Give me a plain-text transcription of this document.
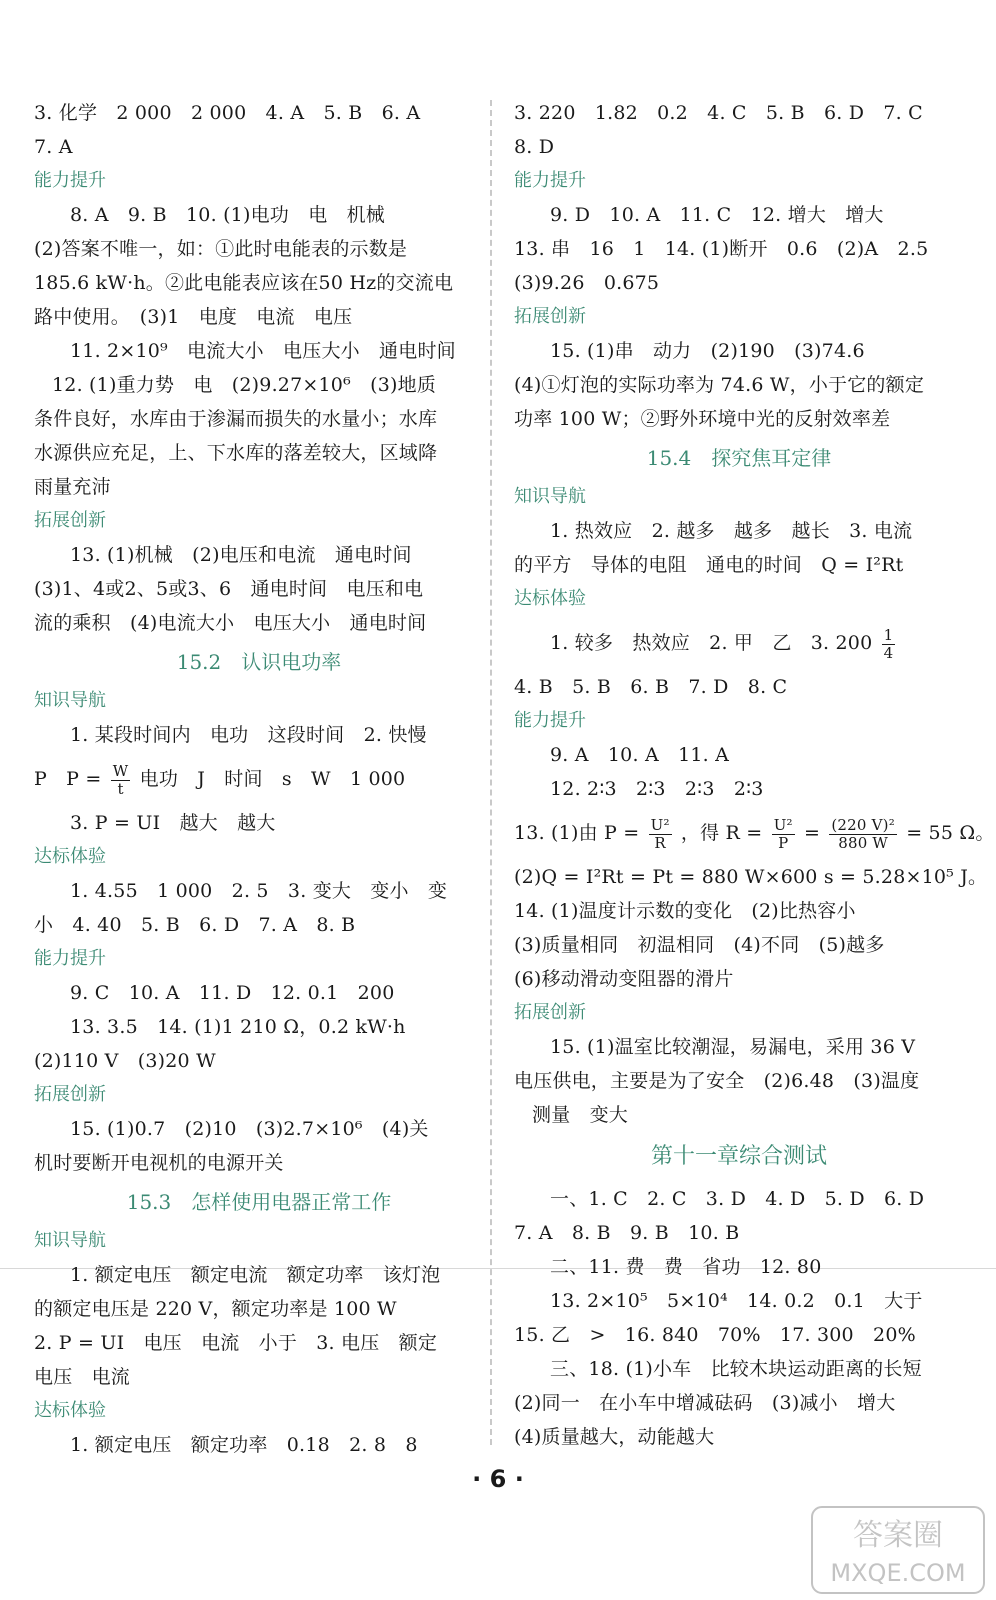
3. 化学　2 000　2 000　4. A　5. B　6. A
7. A
能力提升
8. A　9. B　10. (1)电功　电　机械
(2)答案不唯一，如：①此时电能表的示数是
185.6 kW·h。②此电能表应该在50 Hz的交流电
路中使用。　(3)1　电度　电流　电压
11. 2×10⁹　电流大小　电压大小　通电时间
12. (1)重力势　电　(2)9.27×10⁶　(3)地质
条件良好，水库由于渗漏而损失的水量小；水库
水源供应充足，上、下水库的落差较大，区域降
雨量充沛
拓展创新
13. (1)机械　(2)电压和电流　通电时间
(3)1、4或2、5或3、6　通电时间　电压和电
流的乘积　(4)电流大小　电压大小　通电时间
15.2　认识电功率
知识导航
1. 某段时间内　电功　这段时间　2. 快慢
P　$P = \frac{W}{t}$ 电功　J　时间　s　W　1 000
3. P = UI　越大　越大
达标体验
1. 4.55　1 000　2. 5　3. 变大　变小　变
小　4. 40　5. B　6. D　7. A　8. B
能力提升
9. C　10. A　11. D　12. 0.1　200
13. 3.5　14. (1)1 210 Ω，0.2 kW·h
(2)110 V　(3)20 W
拓展创新
15. (1)0.7　(2)10　(3)2.7×10⁶　(4)关
机时要断开电视机的电源开关
15.3　怎样使用电器正常工作
知识导航
1. 额定电压　额定电流　额定功率　该灯泡
的额定电压是 220 V，额定功率是 100 W
2. P = UI　电压　电流　小于　3. 电压　额定
电压　电流
达标体验
1. 额定电压　额定功率　0.18　2. 8　8
3. 220　1.82　0.2　4. C　5. B　6. D　7. C
8. D
能力提升
9. D　10. A　11. C　12. 增大　增大
13. 串　16　1　14. (1)断开　0.6　(2)A　2.5
(3)9.26　0.675
拓展创新
15. (1)串　动力　(2)190　(3)74.6
(4)①灯泡的实际功率为 74.6 W，小于它的额定
功率 100 W；②野外环境中光的反射效率差
15.4　探究焦耳定律
知识导航
1. 热效应　2. 越多　越多　越长　3. 电流
的平方　导体的电阻　通电的时间　Q = I²Rt
达标体验
1. 较多　热效应　2. 甲　乙　3. $200 \frac{1}{4}$
4. B　5. B　6. B　7. D　8. C
能力提升
9. A　10. A　11. A
12. 2∶3　2∶3　2∶3　2∶3
13. (1)由 $P = \frac{\text{U²}}{R}$ ，得 $R = \frac{\text{U²}}{P} = \frac{\text{(220 V)²}}{880 W} = 55$ Ω。
(2)Q = I²Rt = Pt = 880 W×600 s = 5.28×10⁵ J。
14. (1)温度计示数的变化　(2)比热容小
(3)质量相同　初温相同　(4)不同　(5)越多
(6)移动滑动变阻器的滑片
拓展创新
15. (1)温室比较潮湿，易漏电，采用 36 V
电压供电，主要是为了安全　(2)6.48　(3)温度
测量　变大
第十一章综合测试
一、1. C　2. C　3. D　4. D　5. D　6. D
7. A　8. B　9. B　10. B
二、11. 费　费　省功　12. 80
13. 2×10⁵　5×10⁴　14. 0.2　0.1　大于
15. 乙　>　16. 840　70%　17. 300　20%
三、18. (1)小车　比较木块运动距离的长短
(2)同一　在小车中增减砝码　(3)减小　增大
(4)质量越大，动能越大
· 6 ·
答案圈
MXQE.COM
